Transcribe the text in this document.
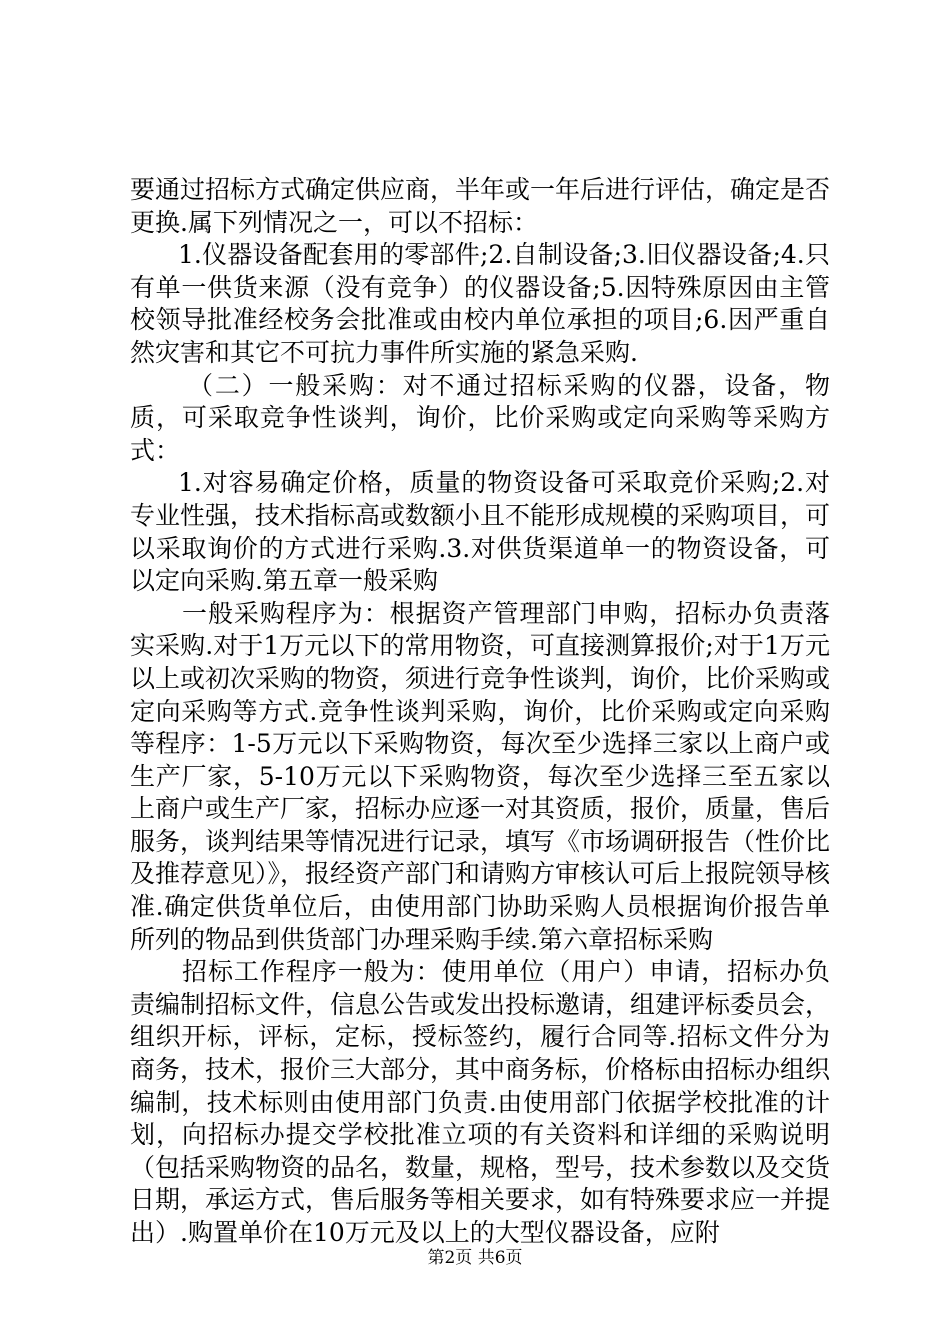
要通过招标方式确定供应商，半年或一年后进行评估，确定是否更换.属下列情况之一，可以不招标：

1.仪器设备配套用的零部件;2.自制设备;3.旧仪器设备;4.只有单一供货来源（没有竞争）的仪器设备;5.因特殊原因由主管校领导批准经校务会批准或由校内单位承担的项目;6.因严重自然灾害和其它不可抗力事件所实施的紧急采购.

（二）一般采购：对不通过招标采购的仪器，设备，物质，可采取竞争性谈判，询价，比价采购或定向采购等采购方式：

1.对容易确定价格，质量的物资设备可采取竞价采购;2.对专业性强，技术指标高或数额小且不能形成规模的采购项目，可以采取询价的方式进行采购.3.对供货渠道单一的物资设备，可以定向采购.第五章一般采购

一般采购程序为：根据资产管理部门申购，招标办负责落实采购.对于1万元以下的常用物资，可直接测算报价;对于1万元以上或初次采购的物资，须进行竞争性谈判，询价，比价采购或定向采购等方式.竞争性谈判采购，询价，比价采购或定向采购等程序：1-5万元以下采购物资，每次至少选择三家以上商户或生产厂家，5-10万元以下采购物资，每次至少选择三至五家以上商户或生产厂家，招标办应逐一对其资质，报价，质量，售后服务，谈判结果等情况进行记录，填写《市场调研报告（性价比及推荐意见）》，报经资产部门和请购方审核认可后上报院领导核准.确定供货单位后，由使用部门协助采购人员根据询价报告单所列的物品到供货部门办理采购手续.第六章招标采购

招标工作程序一般为：使用单位（用户）申请，招标办负责编制招标文件，信息公告或发出投标邀请，组建评标委员会，组织开标，评标，定标，授标签约，履行合同等.招标文件分为商务，技术，报价三大部分，其中商务标，价格标由招标办组织编制，技术标则由使用部门负责.由使用部门依据学校批准的计划，向招标办提交学校批准立项的有关资料和详细的采购说明（包括采购物资的品名，数量，规格，型号，技术参数以及交货日期，承运方式，售后服务等相关要求，如有特殊要求应一并提出）.购置单价在10万元及以上的大型仪器设备，应附

第2页 共6页
